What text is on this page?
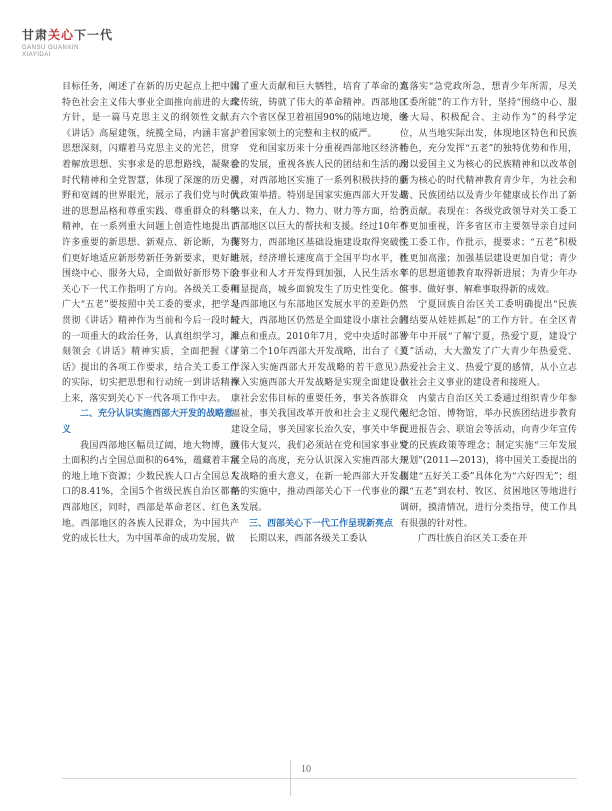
甘肃关心下一代
GANSU GUANXIN
XIAYIDAI

目标任务，阐述了在新的历史起点上把中国特色社会主义伟大事业全面推向前进的大政方针，是一篇马克思主义的纲领性文献。《讲话》高屋建瓴，统揽全局，内涵丰富，思想深刻，闪耀着马克思主义的光芒，贯穿着解放思想、实事求是的思想路线，凝聚着时代精神和全党智慧，体现了深邃的历史视野和宽阔的世界眼光，展示了我们党与时俱进的思想品格和尊重实践、尊重群众的科学精神，在一系列重大问题上创造性地提出了许多重要的新思想、新观点、新论断，为我们更好地适应新形势新任务新要求，更好地围绕中心、服务大局，全面做好新形势下的关心下一代工作指明了方向。各级关工委和广大“五老”要按照中关工委的要求，把学习贯彻《讲话》精神作为当前和今后一段时间的一项重大的政治任务，认真组织学习，深刻领会《讲话》精神实质，全面把握《讲话》提出的各项工作要求，结合关工委工作的实际，切实把思想和行动统一到讲话精神上来，落实到关心下一代各项工作中去。

二、充分认识实施西部大开发的战略意义

我国西部地区幅员辽阔，地大物博，国土面积约占全国总面积的64%，蕴藏着丰富的地上地下资源；少数民族人口占全国总人口的8.41%，全国5个省级民族自治区都在西部地区，同时，西部是革命老区、红色圣地。西部地区的各族人民群众，为中国共产党的成长壮大，为中国革命的成功发展，做

出了重大贡献和巨大牺牲，培育了革命的光荣传统，铸就了伟大的革命精神。西部地区有六个省区保卫着祖国90%的陆地边境，维护着国家领土的完整和主权的威严。

党和国家历来十分重视西部地区经济社会的发展，重视各族人民的团结和生活的改善，对西部地区实施了一系列积极扶持的重大政策举措。特别是国家实施西部大开发战略以来，在人力、物力、财力等方面，给予西部地区以巨大的帮扶和支援。经过10年不懈努力，西部地区基础设施建设取得突破性进展，经济增长速度高于全国平均水平，社会事业和人才开发得到加强，人民生活水平明显提高，城乡面貌发生了历史性变化。但是西部地区与东部地区发展水平的差距仍然较大，西部地区仍然是全面建设小康社会的难点和重点。2010年7月，党中央适时部署了第二个10年西部大开发战略，出台了《关于深入实施西部大开发战略的若干意见》。深入实施西部大开发战略是实现全面建设小康社会宏伟目标的重要任务，事关各族群众福祉，事关我国改革开放和社会主义现代化建设全局，事关国家长治久安，事关中华民族伟大复兴，我们必须站在党和国家事业发展全局的高度，充分认识深入实施西部大开发战略的重大意义，在新一轮西部大开发战略的实施中，推动西部关心下一代事业的深入发展。

三、西部关心下一代工作呈现新亮点

长期以来，西部各级关工委认

真落实“急党政所急，想青少年所需，尽关工委所能”的工作方针，坚持“围绕中心、服务大局、积极配合、主动作为”的科学定位，从当地实际出发，体现地区特色和民族特色，充分发挥“五老”的独特优势和作用，用以爱国主义为核心的民族精神和以改革创新为核心的时代精神教育青少年，为社会和谐、民族团结以及青少年健康成长作出了新的贡献。表现在：各级党政领导对关工委工作更加重视，许多省区市主要领导亲自过问关工委工作，作批示，提要求；“五老”积极性更加高涨；加强基层建设更加自觉；青少年的思想道德教育取得新进展；为青少年办实事、做好事、解难事取得新的成效。

宁夏回族自治区关工委明确提出“民族团结要从娃娃抓起”的工作方针。在全区青少年中开展“了解宁夏，热爱宁夏，建设宁夏”活动，大大激发了广大青少年热爱党、热爱社会主义、热爱宁夏的感情，从小立志做社会主义事业的建设者和接班人。

内蒙古自治区关工委通过组织青少年参观纪念馆、博物馆，举办民族团结进步教育促进报告会、联谊会等活动，向青少年宣传党的民族政策等理念；制定实施“三年发展规划”(2011—2013)，将中国关工委提出的创建“五好关工委”具体化为“六好四无”；组织“五老”到农村、牧区、贫困地区等地进行调研，摸清情况，进行分类指导，使工作具有很强的针对性。

广西壮族自治区关工委在开

10
